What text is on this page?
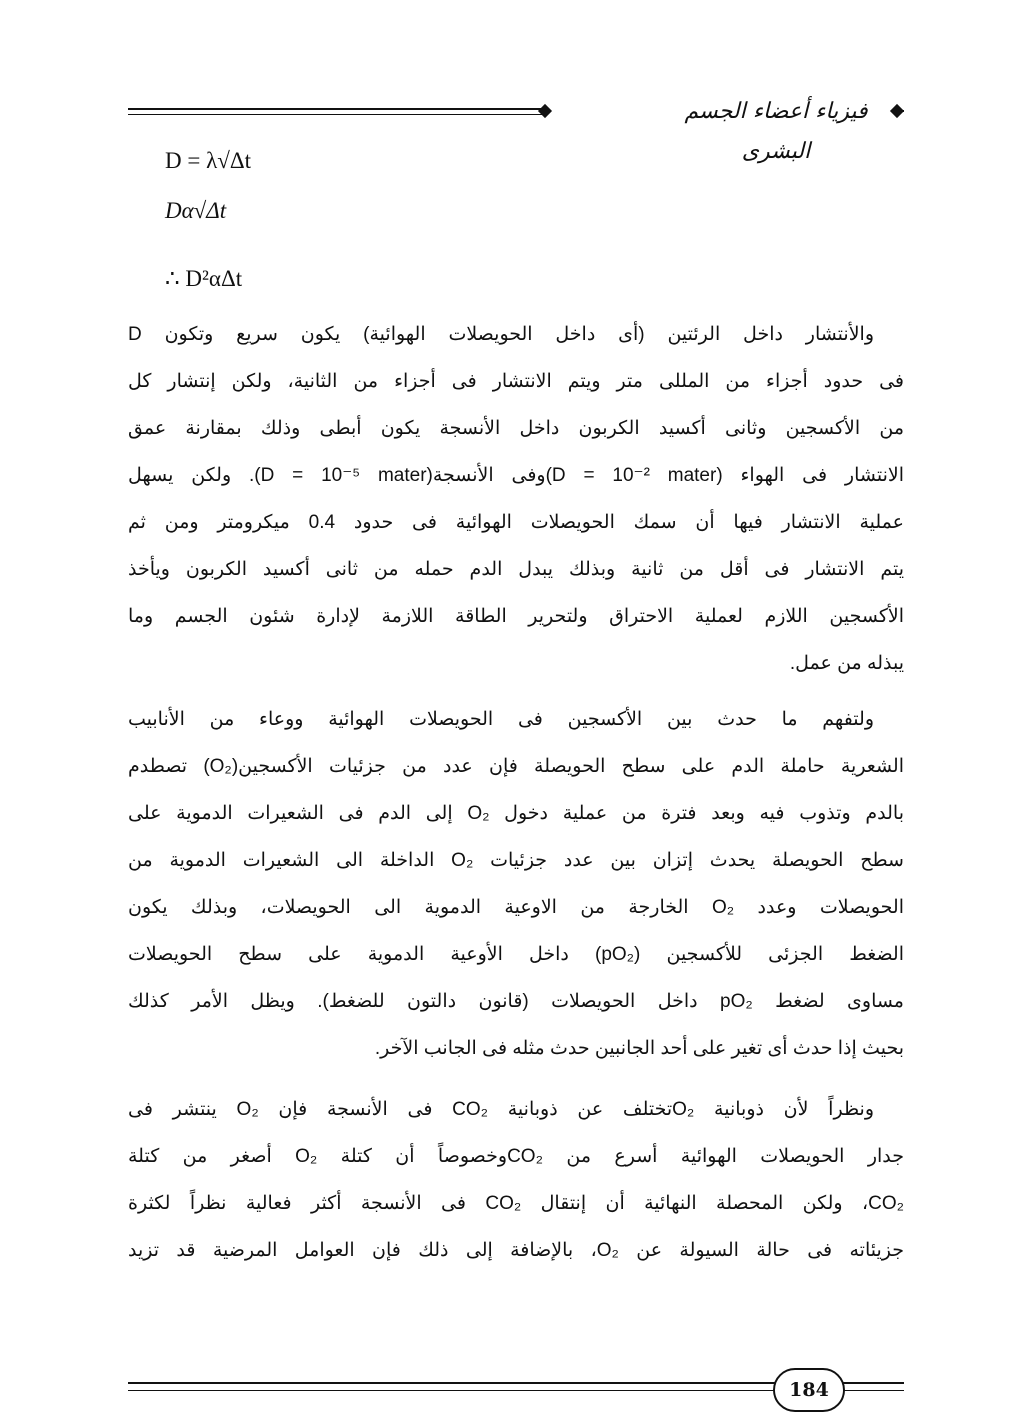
فيزياء أعضاء الجسم البشرى
D = λ√Δt
Dα√Δt
∴ D²αΔt
والأنتشار داخل الرئتين (أى داخل الحويصلات الهوائية) يكون سريع وتكون D
فى حدود أجزاء من المللى متر ويتم الانتشار فى أجزاء من الثانية، ولكن إنتشار كل
من الأكسجين وثانى أكسيد الكربون داخل الأنسجة يكون أبطى وذلك بمقارنة عمق
الانتشار فى الهواء (D = 10⁻² mater)وفى الأنسجة(D = 10⁻⁵ mater). ولكن يسهل
عملية الانتشار فيها أن سمك الحويصلات الهوائية فى حدود 0.4 ميكرومتر ومن ثم
يتم الانتشار فى أقل من ثانية وبذلك يبدل الدم حمله من ثانى أكسيد الكربون ويأخذ
الأكسجين اللازم لعملية الاحتراق ولتحرير الطاقة اللازمة لإدارة شئون الجسم وما
يبذله من عمل.
ولتفهم ما حدث بين الأكسجين فى الحويصلات الهوائية ووعاء من الأنابيب
الشعرية حاملة الدم على سطح الحويصلة فإن عدد من جزئيات الأكسجين(O₂) تصطدم
بالدم وتذوب فيه وبعد فترة من عملية دخول O₂ إلى الدم فى الشعيرات الدموية على
سطح الحويصلة يحدث إتزان بين عدد جزئيات O₂ الداخلة الى الشعيرات الدموية من
الحويصلات وعدد O₂ الخارجة من الاوعية الدموية الى الحويصلات، وبذلك يكون
الضغط الجزئى للأكسجين (pO₂) داخل الأوعية الدموية على سطح الحويصلات
مساوى لضغط pO₂ داخل الحويصلات (قانون دالتون للضغط). ويظل الأمر كذلك
بحيث إذا حدث أى تغير على أحد الجانبين حدث مثله فى الجانب الآخر.
ونظراً لأن ذوبانية O₂تختلف عن ذوبانية CO₂ فى الأنسجة فإن O₂ ينتشر فى
جدار الحويصلات الهوائية أسرع من CO₂وخصوصاً أن كتلة O₂ أصغر من كتلة
CO₂، ولكن المحصلة النهائية أن إنتقال CO₂ فى الأنسجة أكثر فعالية نظراً لكثرة
جزيئاته فى حالة السيولة عن O₂، بالإضافة إلى ذلك فإن العوامل المرضية قد تزيد
184
